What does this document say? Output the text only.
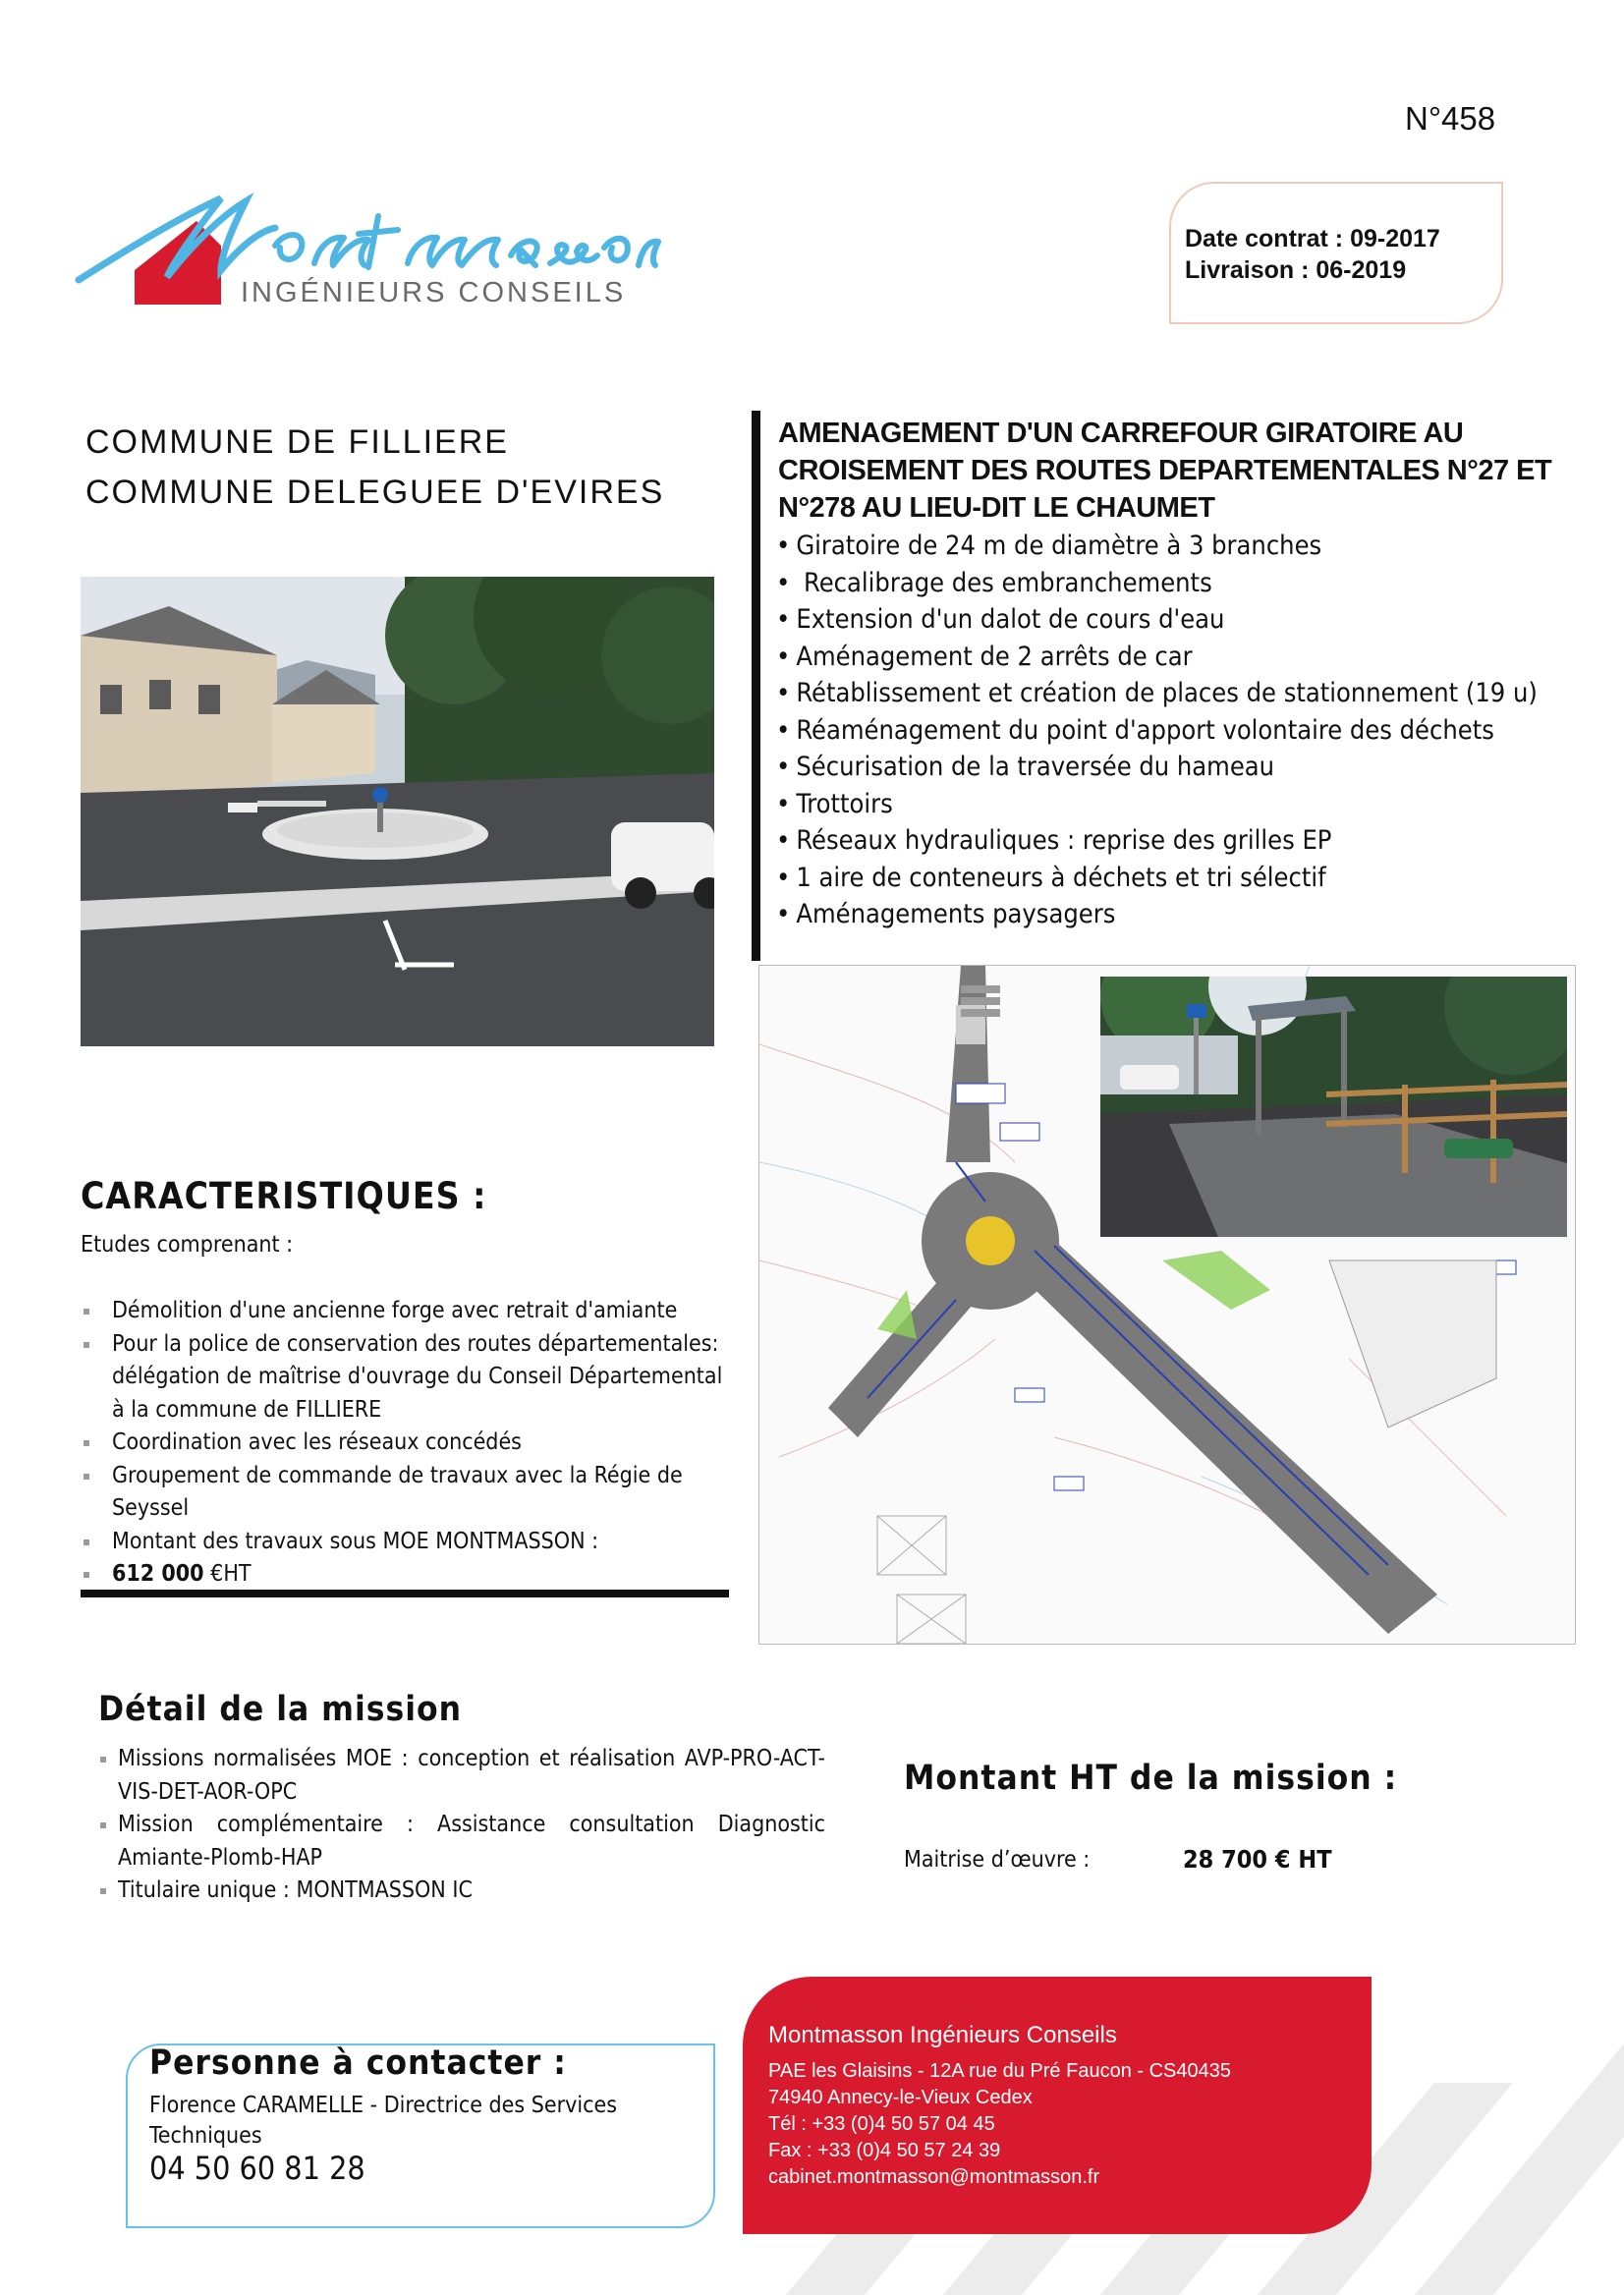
N°458
INGÉNIEURS CONSEILS
Date contrat : 09-2017
Livraison : 06-2019
COMMUNE DE FILLIERE
COMMUNE DELEGUEE D'EVIRES
AMENAGEMENT D'UN CARREFOUR GIRATOIRE AU CROISEMENT DES ROUTES DEPARTEMENTALES N°27 ET N°278 AU LIEU-DIT LE CHAUMET
• Giratoire de 24 m de diamètre à 3 branches
• Recalibrage des embranchements
• Extension d'un dalot de cours d'eau
• Aménagement de 2 arrêts de car
• Rétablissement et création de places de stationnement (19 u)
• Réaménagement du point d'apport volontaire des déchets
• Sécurisation de la traversée du hameau
• Trottoirs
• Réseaux hydrauliques : reprise des grilles EP
• 1 aire de conteneurs à déchets et tri sélectif
• Aménagements paysagers
CARACTERISTIQUES :
Etudes comprenant :
Démolition d'une ancienne forge avec retrait d'amiante
Pour la police de conservation des routes départementales: délégation de maîtrise d'ouvrage du Conseil Départemental à la commune de FILLIERE
Coordination avec les réseaux concédés
Groupement de commande de travaux avec la Régie de Seyssel
Montant des travaux sous MOE MONTMASSON :
612 000 €HT
Détail de la mission
Missions normalisées MOE : conception et réalisation AVP-PRO-ACT-VIS-DET-AOR-OPC
Mission complémentaire : Assistance consultation Diagnostic Amiante-Plomb-HAP
Titulaire unique : MONTMASSON IC
Montant HT de la mission :
Maitrise d’œuvre :	28 700 € HT
Personne à contacter :
Florence CARAMELLE - Directrice des Services Techniques
04 50 60 81 28
Montmasson Ingénieurs Conseils
PAE les Glaisins - 12A rue du Pré Faucon - CS40435
74940 Annecy-le-Vieux Cedex
Tél : +33 (0)4 50 57 04 45
Fax : +33 (0)4 50 57 24 39
cabinet.montmasson@montmasson.fr
